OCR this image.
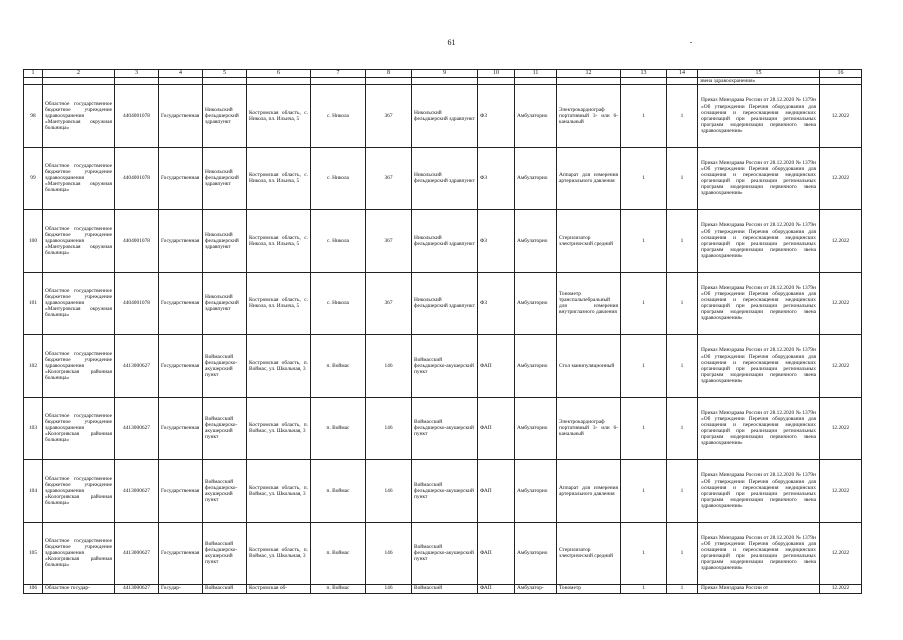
61
1	2	3	4	5	6	7	8	9	10	11	12	13	14	15	16
														звена здравоохранения»	
98	Областное государственное бюджетное учреждение здравоохранения «Мантуровская окружная больница»	4404001078	Государственная	Никольский фельдшерский здравпункт	Костромская область, с. Никола, пл. Ильича, 5	с. Никола	367	Никольский фельдшерский здравпункт	ФЗ	Амбулаторно	Электрокардиограф портативный 3- или 6-канальный	1	1	Приказ Минздрава России от 28.12.2020 № 1379н «Об утверждении Перечня оборудования для оснащения и переоснащения медицинских организаций при реализации региональных программ модернизации первичного звена здравоохранения»	12.2022
99	Областное государственное бюджетное учреждение здравоохранения «Мантуровская окружная больница»	4404001078	Государственная	Никольский фельдшерский здравпункт	Костромская область, с. Никола, пл. Ильича, 5	с. Никола	367	Никольский фельдшерский здравпункт	ФЗ	Амбулаторно	Аппарат для измерения артериального давления	1	1	Приказ Минздрава России от 28.12.2020 № 1379н «Об утверждении Перечня оборудования для оснащения и переоснащения медицинских организаций при реализации региональных программ модернизации первичного звена здравоохранения»	12.2022
100	Областное государственное бюджетное учреждение здравоохранения «Мантуровская окружная больница»	4404001078	Государственная	Никольский фельдшерский здравпункт	Костромская область, с. Никола, пл. Ильича, 5	с. Никола	367	Никольский фельдшерский здравпункт	ФЗ	Амбулаторно	Стерилизатор электрический средний	1	1	Приказ Минздрава России от 28.12.2020 № 1379н «Об утверждении Перечня оборудования для оснащения и переоснащения медицинских организаций при реализации региональных программ модернизации первичного звена здравоохранения»	12.2022
101	Областное государственное бюджетное учреждение здравоохранения «Мантуровская окружная больница»	4404001078	Государственная	Никольский фельдшерский здравпункт	Костромская область, с. Никола, пл. Ильича, 5	с. Никола	367	Никольский фельдшерский здравпункт	ФЗ	Амбулаторно	Тонометр транспальпебральный для измерения внутриглазного давления	1	1	Приказ Минздрава России от 28.12.2020 № 1379н «Об утверждении Перечня оборудования для оснащения и переоснащения медицинских организаций при реализации региональных программ модернизации первичного звена здравоохранения»	12.2022
102	Областное государственное бюджетное учреждение здравоохранения «Кологривская районная больница»	4413000627	Государственная	Воймасский фельдшерско-акушерский пункт	Костромская область, п. Воймас, ул. Школьная, 3	п. Воймас	146	Воймасский фельдшерско-акушерский пункт	ФАП	Амбулаторно	Стол манипуляционный	1	1	Приказ Минздрава России от 28.12.2020 № 1379н «Об утверждении Перечня оборудования для оснащения и переоснащения медицинских организаций при реализации региональных программ модернизации первичного звена здравоохранения»	12.2022
103	Областное государственное бюджетное учреждение здравоохранения «Кологривская районная больница»	4413000627	Государственная	Воймасский фельдшерско-акушерский пункт	Костромская область, п. Воймас, ул. Школьная, 3	п. Воймас	146	Воймасский фельдшерско-акушерский пункт	ФАП	Амбулаторно	Электрокардиограф портативный 3- или 6-канальный	1	1	Приказ Минздрава России от 28.12.2020 № 1379н «Об утверждении Перечня оборудования для оснащения и переоснащения медицинских организаций при реализации региональных программ модернизации первичного звена здравоохранения»	12.2022
104	Областное государственное бюджетное учреждение здравоохранения «Кологривская районная больница»	4413000627	Государственная	Воймасский фельдшерско-акушерский пункт	Костромская область, п. Воймас, ул. Школьная, 3	п. Воймас	146	Воймасский фельдшерско-акушерский пункт	ФАП	Амбулаторно	Аппарат для измерения артериального давления	1	1	Приказ Минздрава России от 28.12.2020 № 1379н «Об утверждении Перечня оборудования для оснащения и переоснащения медицинских организаций при реализации региональных программ модернизации первичного звена здравоохранения»	12.2022
105	Областное государственное бюджетное учреждение здравоохранения «Кологривская районная больница»	4413000627	Государственная	Воймасский фельдшерско-акушерский пункт	Костромская область, п. Воймас, ул. Школьная, 3	п. Воймас	146	Воймасский фельдшерско-акушерский пункт	ФАП	Амбулаторно	Стерилизатор электрический средний	1	1	Приказ Минздрава России от 28.12.2020 № 1379н «Об утверждении Перечня оборудования для оснащения и переоснащения медицинских организаций при реализации региональных программ модернизации первичного звена здравоохранения»	12.2022
106	Областное государ-	4413000627	Государ-	Воймасский	Костромская об-	п. Воймас	146	Воймасский	ФАП	Амбулатор-	Тонометр	1	1	Приказ Минздрава России от	12.2022
